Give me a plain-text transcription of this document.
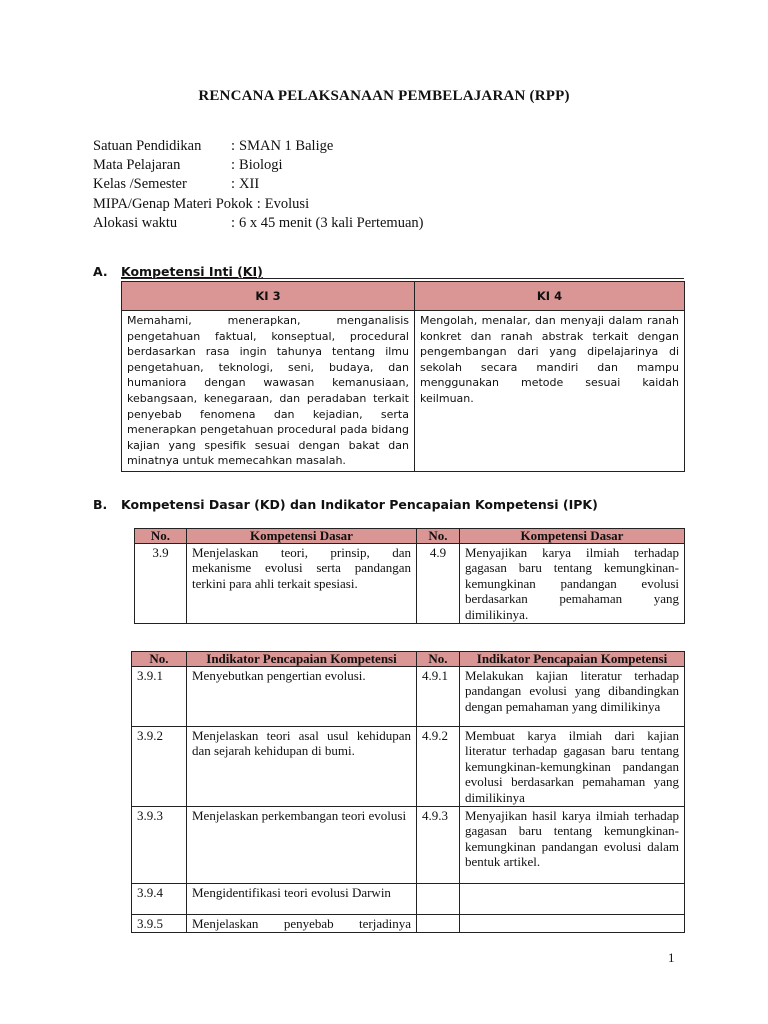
RENCANA PELAKSANAAN PEMBELAJARAN (RPP)
Satuan Pendidikan	: SMAN 1 Balige
Mata Pelajaran	: Biologi
Kelas /Semester	: XII
MIPA/Genap Materi Pokok : Evolusi
Alokasi waktu	: 6 x 45 menit (3 kali Pertemuan)
A. Kompetensi Inti (KI)
KI 3	KI 4
Memahami, menerapkan, menganalisis pengetahuan faktual, konseptual, procedural berdasarkan rasa ingin tahunya tentang ilmu pengetahuan, teknologi, seni, budaya, dan humaniora dengan wawasan kemanusiaan, kebangsaan, kenegaraan, dan peradaban terkait penyebab fenomena dan kejadian, serta menerapkan pengetahuan procedural pada bidang kajian yang spesifik sesuai dengan bakat dan minatnya untuk memecahkan masalah.	Mengolah, menalar, dan menyaji dalam ranah konkret dan ranah abstrak terkait dengan pengembangan dari yang dipelajarinya di sekolah secara mandiri dan mampu menggunakan metode sesuai kaidah keilmuan.
B. Kompetensi Dasar (KD) dan Indikator Pencapaian Kompetensi (IPK)
No.	Kompetensi Dasar	No.	Kompetensi Dasar
3.9	Menjelaskan teori, prinsip, dan mekanisme evolusi serta pandangan terkini para ahli terkait spesiasi.	4.9	Menyajikan karya ilmiah terhadap gagasan baru tentang kemungkinan-kemungkinan pandangan evolusi berdasarkan pemahaman yang dimilikinya.
No.	Indikator Pencapaian Kompetensi	No.	Indikator Pencapaian Kompetensi
3.9.1	Menyebutkan pengertian evolusi.	4.9.1	Melakukan kajian literatur terhadap pandangan evolusi yang dibandingkan dengan pemahaman yang dimilikinya
3.9.2	Menjelaskan teori asal usul kehidupan dan sejarah kehidupan di bumi.	4.9.2	Membuat karya ilmiah dari kajian literatur terhadap gagasan baru tentang kemungkinan-kemungkinan pandangan evolusi berdasarkan pemahaman yang dimilikinya
3.9.3	Menjelaskan perkembangan teori evolusi	4.9.3	Menyajikan hasil karya ilmiah terhadap gagasan baru tentang kemungkinan-kemungkinan pandangan evolusi dalam bentuk artikel.
3.9.4	Mengidentifikasi teori evolusi Darwin		
3.9.5	Menjelaskan penyebab terjadinya		
1
